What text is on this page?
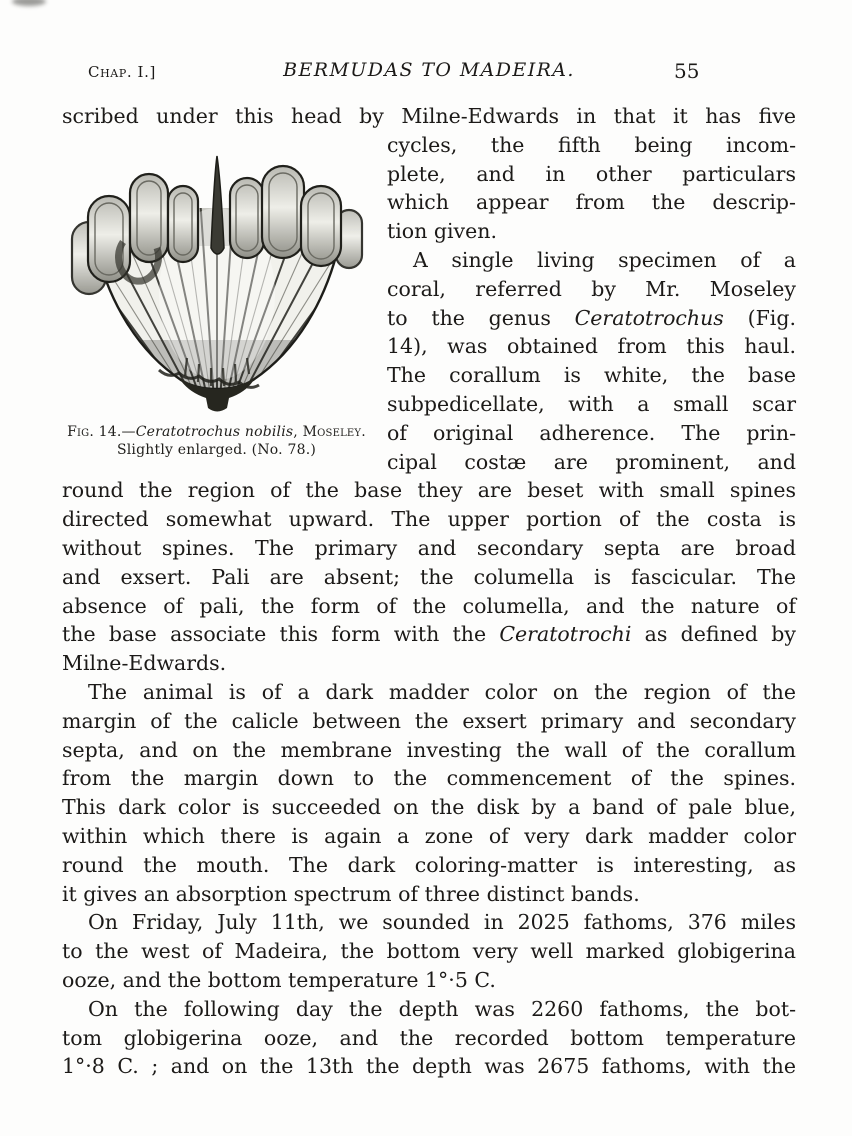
Chap. I.]	BERMUDAS TO MADEIRA.	55
scribed under this head by Milne-Edwards in that it has five
Fig. 14.—Ceratotrochus nobilis, Moseley.
Slightly enlarged. (No. 78.)
cycles, the fifth being incom-
plete, and in other particulars
which appear from the descrip-
tion given.
A single living specimen of a
coral, referred by Mr. Moseley
to the genus Ceratotrochus (Fig.
14), was obtained from this haul.
The corallum is white, the base
subpedicellate, with a small scar
of original adherence. The prin-
cipal costæ are prominent, and
round the region of the base they are beset with small spines
directed somewhat upward. The upper portion of the costa is
without spines. The primary and secondary septa are broad
and exsert. Pali are absent; the columella is fascicular. The
absence of pali, the form of the columella, and the nature of
the base associate this form with the Ceratotrochi as defined by
Milne-Edwards.
The animal is of a dark madder color on the region of the
margin of the calicle between the exsert primary and secondary
septa, and on the membrane investing the wall of the corallum
from the margin down to the commencement of the spines.
This dark color is succeeded on the disk by a band of pale blue,
within which there is again a zone of very dark madder color
round the mouth. The dark coloring-matter is interesting, as
it gives an absorption spectrum of three distinct bands.
On Friday, July 11th, we sounded in 2025 fathoms, 376 miles
to the west of Madeira, the bottom very well marked globigerina
ooze, and the bottom temperature 1°·5 C.
On the following day the depth was 2260 fathoms, the bot-
tom globigerina ooze, and the recorded bottom temperature
1°·8 C. ; and on the 13th the depth was 2675 fathoms, with the
